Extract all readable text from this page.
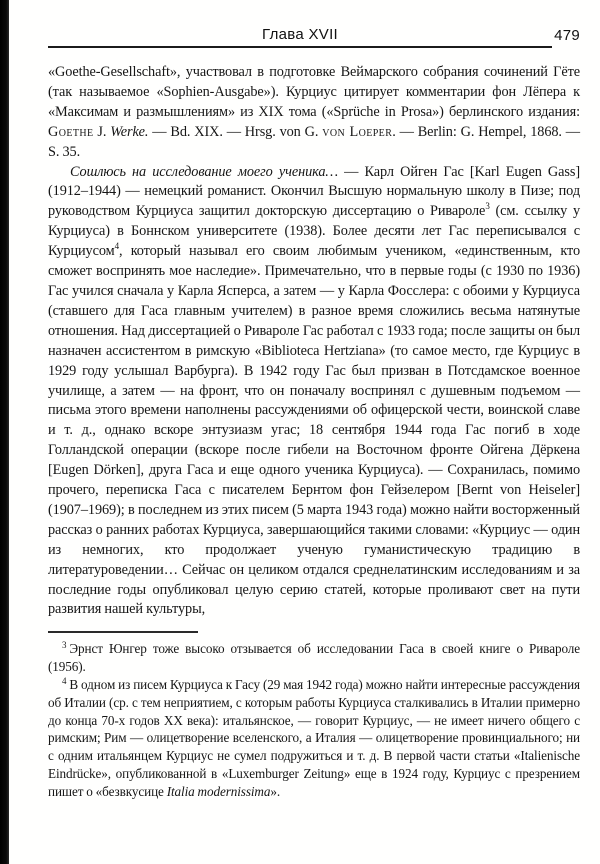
Глава XVII	479

«Goethe-Gesellschaft», участвовал в подготовке Веймарского собрания сочинений Гёте (так называемое «Sophien-Ausgabe»). Курциус цитирует комментарии фон Лёпера к «Максимам и размышлениям» из XIX тома («Sprüche in Prosa») берлинского издания: Goethe J. Werke. — Bd. XIX. — Hrsg. von G. von Loeper. — Berlin: G. Hempel, 1868. — S. 35.

Сошлюсь на исследование моего ученика… — Карл Ойген Гас [Karl Eugen Gass] (1912–1944) — немецкий романист. Окончил Высшую нормальную школу в Пизе; под руководством Курциуса защитил докторскую диссертацию о Ривароле$^3$ (см. ссылку у Курциуса) в Боннском университете (1938). Более десяти лет Гас переписывался с Курциусом$^4$, который называл его своим любимым учеником, «единственным, кто сможет воспринять мое наследие». Примечательно, что в первые годы (с 1930 по 1936) Гас учился сначала у Карла Ясперса, а затем — у Карла Фосслера: с обоими у Курциуса (ставшего для Гаса главным учителем) в разное время сложились весьма натянутые отношения. Над диссертацией о Ривароле Гас работал с 1933 года; после защиты он был назначен ассистентом в римскую «Biblioteca Hertziana» (то самое место, где Курциус в 1929 году услышал Варбурга). В 1942 году Гас был призван в Потсдамское военное училище, а затем — на фронт, что он поначалу воспринял с душевным подъемом — письма этого времени наполнены рассуждениями об офицерской чести, воинской славе и т. д., однако вскоре энтузиазм угас; 18 сентября 1944 года Гас погиб в ходе Голландской операции (вскоре после гибели на Восточном фронте Ойгена Дёркена [Eugen Dörken], друга Гаса и еще одного ученика Курциуса). — Сохранилась, помимо прочего, переписка Гаса с писателем Бернтом фон Гейзелером [Bernt von Heiseler] (1907–1969); в последнем из этих писем (5 марта 1943 года) можно найти восторженный рассказ о ранних работах Курциуса, завершающийся такими словами: «Курциус — один из немногих, кто продолжает ученую гуманистическую традицию в литературоведении… Сейчас он целиком отдался среднелатинским исследованиям и за последние годы опубликовал целую серию статей, которые проливают свет на пути развития нашей культуры,

$^3$ Эрнст Юнгер тоже высоко отзывается об исследовании Гаса в своей книге о Ривароле (1956).

$^4$ В одном из писем Курциуса к Гасу (29 мая 1942 года) можно найти интересные рассуждения об Италии (ср. с тем неприятием, с которым работы Курциуса сталкивались в Италии примерно до конца 70-х годов XX века): итальянское, — говорит Курциус, — не имеет ничего общего с римским; Рим — олицетворение вселенского, а Италия — олицетворение провинциального; ни с одним итальянцем Курциус не сумел подружиться и т. д. В первой части статьи «Italienische Eindrücke», опубликованной в «Luxemburger Zeitung» еще в 1924 году, Курциус с презрением пишет о «безвкусице Italia modernissima».
